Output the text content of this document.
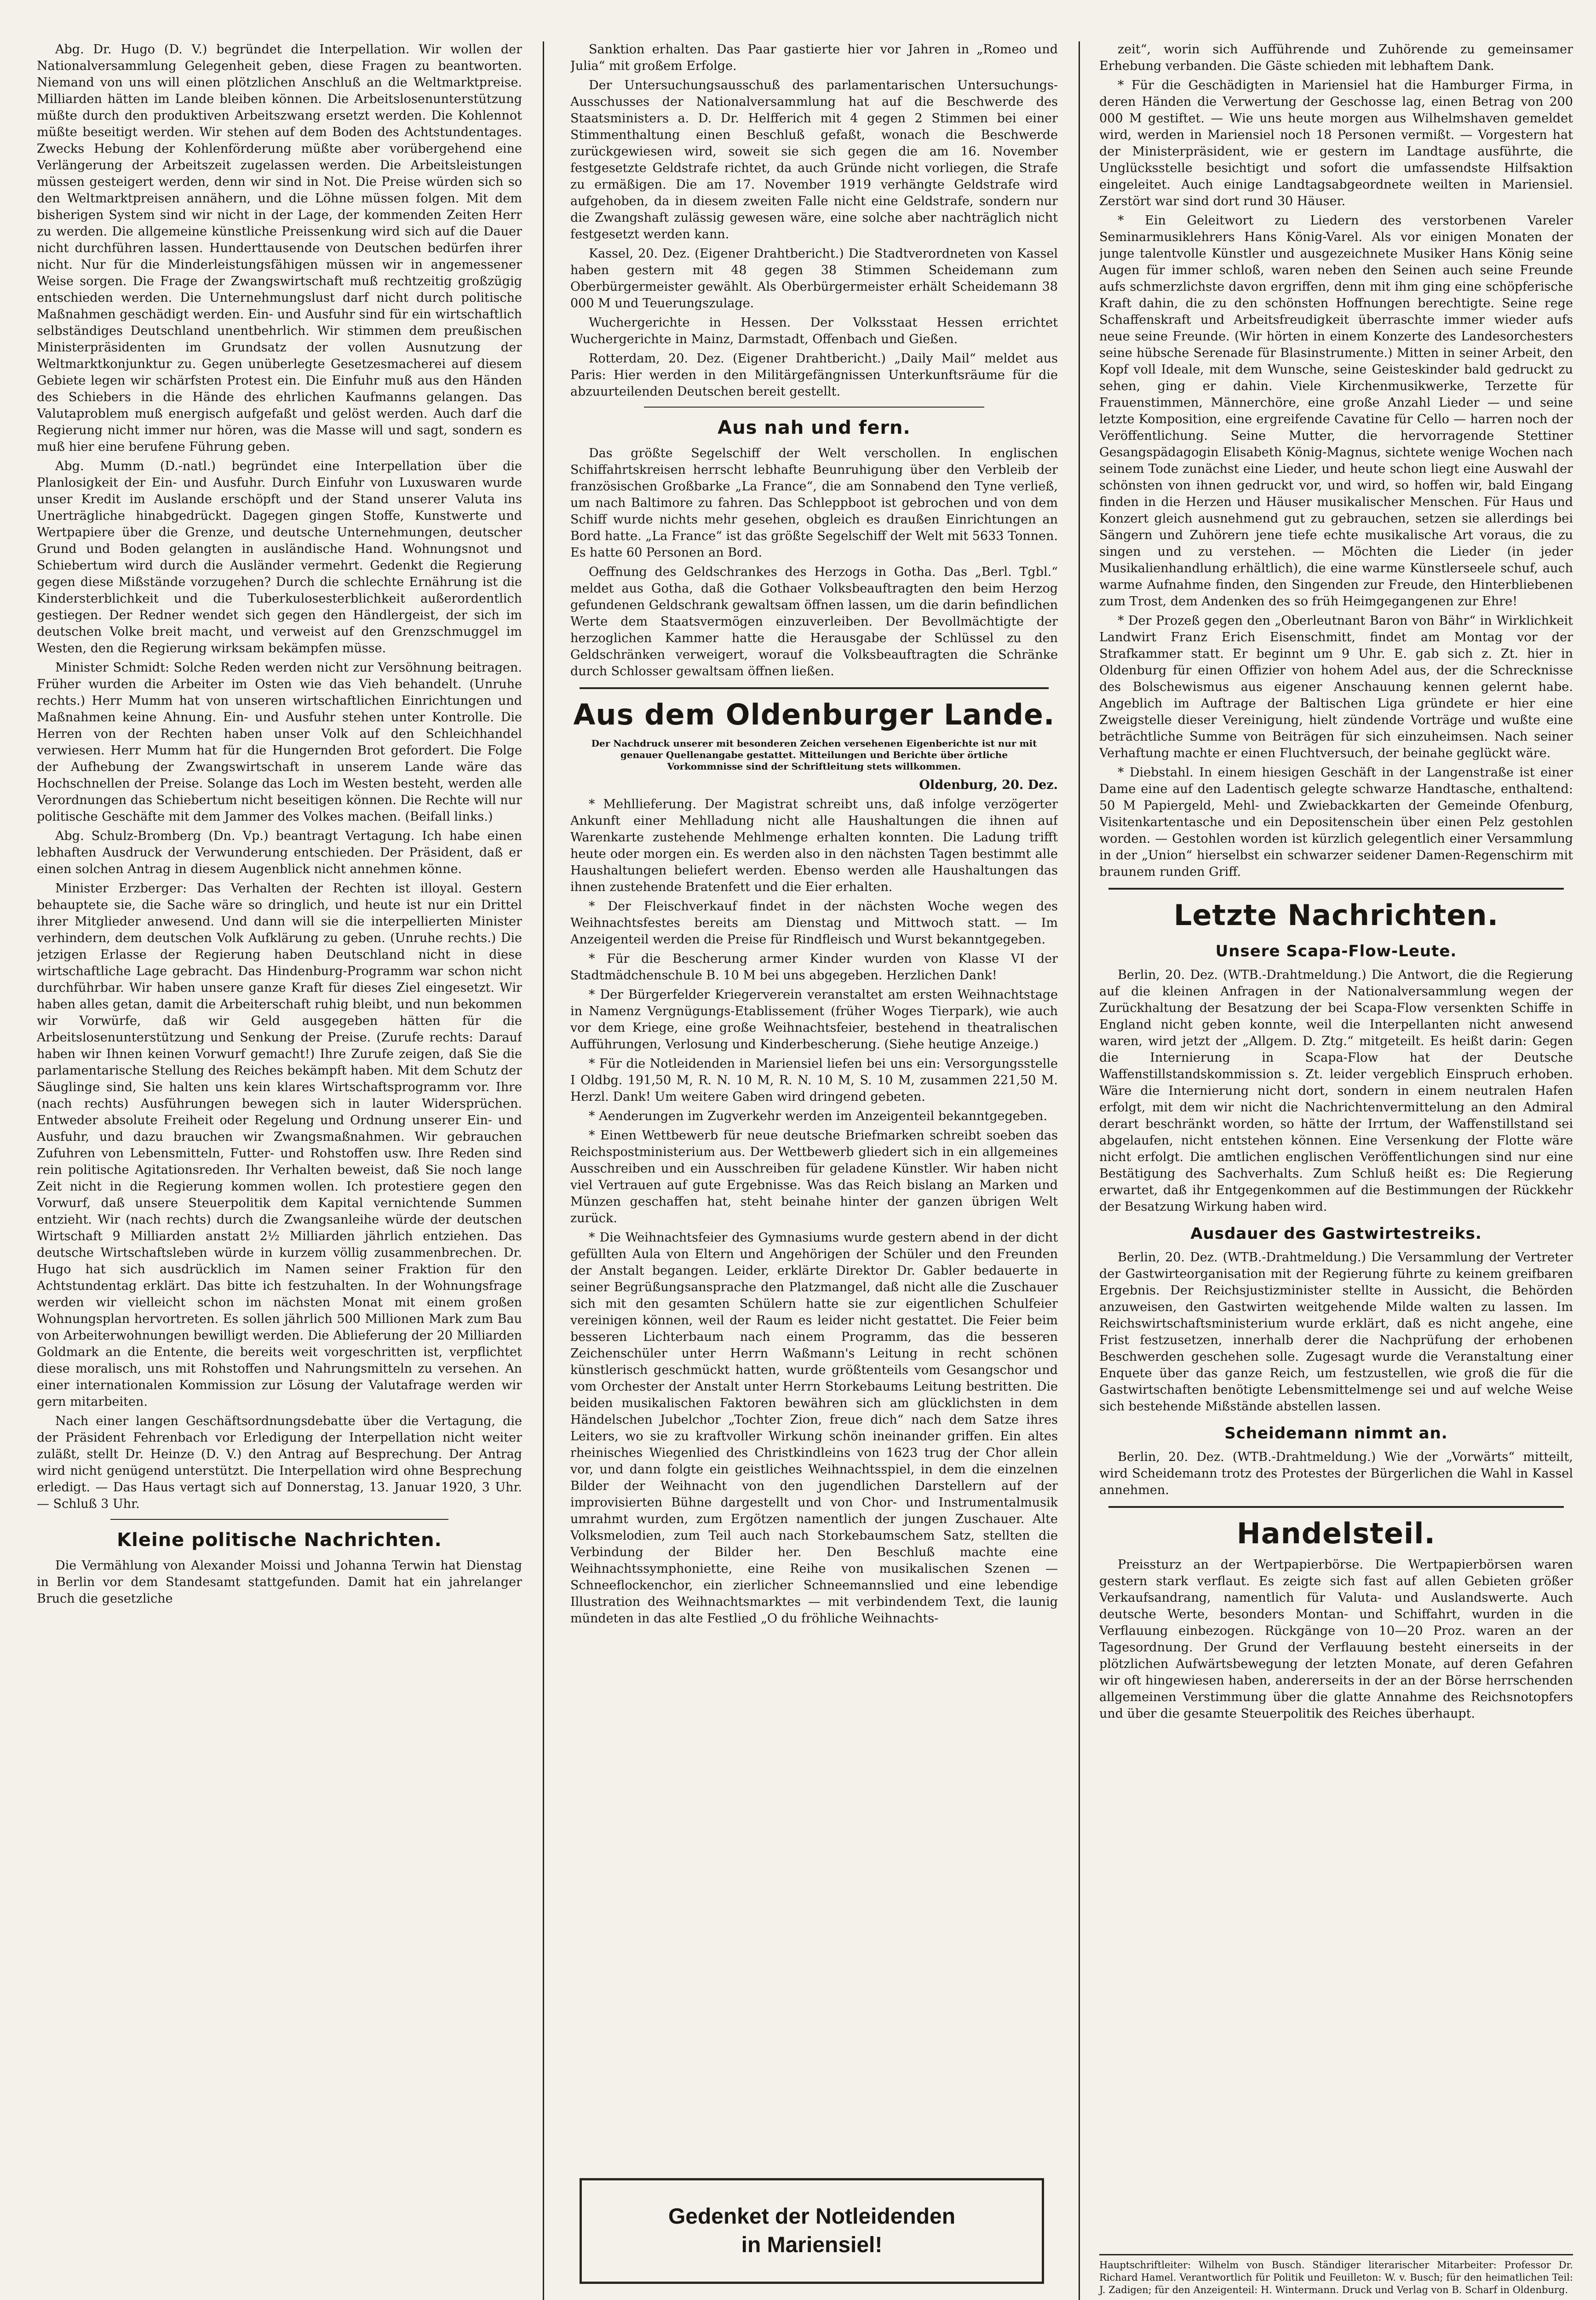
Abg. Dr. Hugo (D. V.) begründet die Interpellation. Wir wollen der Nationalversammlung Gelegenheit geben, diese Fragen zu beantworten. Niemand von uns will einen plötzlichen Anschluß an die Weltmarktpreise. Milliarden hätten im Lande bleiben können. Die Arbeitslosenunterstützung müßte durch den produktiven Arbeitszwang ersetzt werden. Die Kohlennot müßte beseitigt werden. Wir stehen auf dem Boden des Achtstundentages. Zwecks Hebung der Kohlenförderung müßte aber vorübergehend eine Verlängerung der Arbeitszeit zugelassen werden. Die Arbeitsleistungen müssen gesteigert werden, denn wir sind in Not. Die Preise würden sich so den Weltmarktpreisen annähern, und die Löhne müssen folgen. Mit dem bisherigen System sind wir nicht in der Lage, der kommenden Zeiten Herr zu werden. Die allgemeine künstliche Preissenkung wird sich auf die Dauer nicht durchführen lassen. Hunderttausende von Deutschen bedürfen ihrer nicht. Nur für die Minderleistungsfähigen müssen wir in angemessener Weise sorgen. Die Frage der Zwangswirtschaft muß rechtzeitig großzügig entschieden werden. Die Unternehmungslust darf nicht durch politische Maßnahmen geschädigt werden. Ein- und Ausfuhr sind für ein wirtschaftlich selbständiges Deutschland unentbehrlich. Wir stimmen dem preußischen Ministerpräsidenten im Grundsatz der vollen Ausnutzung der Weltmarktkonjunktur zu. Gegen unüberlegte Gesetzesmacherei auf diesem Gebiete legen wir schärfsten Protest ein. Die Einfuhr muß aus den Händen des Schiebers in die Hände des ehrlichen Kaufmanns gelangen. Das Valutaproblem muß energisch aufgefaßt und gelöst werden. Auch darf die Regierung nicht immer nur hören, was die Masse will und sagt, sondern es muß hier eine berufene Führung geben.

Abg. Mumm (D.-natl.) begründet eine Interpellation über die Planlosigkeit der Ein- und Ausfuhr. Durch Einfuhr von Luxuswaren wurde unser Kredit im Auslande erschöpft und der Stand unserer Valuta ins Unerträgliche hinabgedrückt. Dagegen gingen Stoffe, Kunstwerte und Wertpapiere über die Grenze, und deutsche Unternehmungen, deutscher Grund und Boden gelangten in ausländische Hand. Wohnungsnot und Schiebertum wird durch die Ausländer vermehrt. Gedenkt die Regierung gegen diese Mißstände vorzugehen? Durch die schlechte Ernährung ist die Kindersterblichkeit und die Tuberkulosesterblichkeit außerordentlich gestiegen. Der Redner wendet sich gegen den Händlergeist, der sich im deutschen Volke breit macht, und verweist auf den Grenzschmuggel im Westen, den die Regierung wirksam bekämpfen müsse.

Minister Schmidt: Solche Reden werden nicht zur Versöhnung beitragen. Früher wurden die Arbeiter im Osten wie das Vieh behandelt. (Unruhe rechts.) Herr Mumm hat von unseren wirtschaftlichen Einrichtungen und Maßnahmen keine Ahnung. Ein- und Ausfuhr stehen unter Kontrolle. Die Herren von der Rechten haben unser Volk auf den Schleichhandel verwiesen. Herr Mumm hat für die Hungernden Brot gefordert. Die Folge der Aufhebung der Zwangswirtschaft in unserem Lande wäre das Hochschnellen der Preise. Solange das Loch im Westen besteht, werden alle Verordnungen das Schiebertum nicht beseitigen können. Die Rechte will nur politische Geschäfte mit dem Jammer des Volkes machen. (Beifall links.)

Abg. Schulz-Bromberg (Dn. Vp.) beantragt Vertagung. Ich habe einen lebhaften Ausdruck der Verwunderung entschieden. Der Präsident, daß er einen solchen Antrag in diesem Augenblick nicht annehmen könne.

Minister Erzberger: Das Verhalten der Rechten ist illoyal. Gestern behauptete sie, die Sache wäre so dringlich, und heute ist nur ein Drittel ihrer Mitglieder anwesend. Und dann will sie die interpellierten Minister verhindern, dem deutschen Volk Aufklärung zu geben. (Unruhe rechts.) Die jetzigen Erlasse der Regierung haben Deutschland nicht in diese wirtschaftliche Lage gebracht. Das Hindenburg-Programm war schon nicht durchführbar. Wir haben unsere ganze Kraft für dieses Ziel eingesetzt. Wir haben alles getan, damit die Arbeiterschaft ruhig bleibt, und nun bekommen wir Vorwürfe, daß wir Geld ausgegeben hätten für die Arbeitslosenunterstützung und Senkung der Preise. (Zurufe rechts: Darauf haben wir Ihnen keinen Vorwurf gemacht!) Ihre Zurufe zeigen, daß Sie die parlamentarische Stellung des Reiches bekämpft haben. Mit dem Schutz der Säuglinge sind, Sie halten uns kein klares Wirtschaftsprogramm vor. Ihre (nach rechts) Ausführungen bewegen sich in lauter Widersprüchen. Entweder absolute Freiheit oder Regelung und Ordnung unserer Ein- und Ausfuhr, und dazu brauchen wir Zwangsmaßnahmen. Wir gebrauchen Zufuhren von Lebensmitteln, Futter- und Rohstoffen usw. Ihre Reden sind rein politische Agitationsreden. Ihr Verhalten beweist, daß Sie noch lange Zeit nicht in die Regierung kommen wollen. Ich protestiere gegen den Vorwurf, daß unsere Steuerpolitik dem Kapital vernichtende Summen entzieht. Wir (nach rechts) durch die Zwangsanleihe würde der deutschen Wirtschaft 9 Milliarden anstatt 2½ Milliarden jährlich entziehen. Das deutsche Wirtschaftsleben würde in kurzem völlig zusammenbrechen. Dr. Hugo hat sich ausdrücklich im Namen seiner Fraktion für den Achtstundentag erklärt. Das bitte ich festzuhalten. In der Wohnungsfrage werden wir vielleicht schon im nächsten Monat mit einem großen Wohnungsplan hervortreten. Es sollen jährlich 500 Millionen Mark zum Bau von Arbeiterwohnungen bewilligt werden. Die Ablieferung der 20 Milliarden Goldmark an die Entente, die bereits weit vorgeschritten ist, verpflichtet diese moralisch, uns mit Rohstoffen und Nahrungsmitteln zu versehen. An einer internationalen Kommission zur Lösung der Valutafrage werden wir gern mitarbeiten.

Nach einer langen Geschäftsordnungsdebatte über die Vertagung, die der Präsident Fehrenbach vor Erledigung der Interpellation nicht weiter zuläßt, stellt Dr. Heinze (D. V.) den Antrag auf Besprechung. Der Antrag wird nicht genügend unterstützt. Die Interpellation wird ohne Besprechung erledigt. — Das Haus vertagt sich auf Donnerstag, 13. Januar 1920, 3 Uhr. — Schluß 3 Uhr.

Kleine politische Nachrichten.

Die Vermählung von Alexander Moissi und Johanna Terwin hat Dienstag in Berlin vor dem Standesamt stattgefunden. Damit hat ein jahrelanger Bruch die gesetzliche

Sanktion erhalten. Das Paar gastierte hier vor Jahren in „Romeo und Julia“ mit großem Erfolge.

Der Untersuchungsausschuß des parlamentarischen Untersuchungs-Ausschusses der Nationalversammlung hat auf die Beschwerde des Staatsministers a. D. Dr. Helfferich mit 4 gegen 2 Stimmen bei einer Stimmenthaltung einen Beschluß gefaßt, wonach die Beschwerde zurückgewiesen wird, soweit sie sich gegen die am 16. November festgesetzte Geldstrafe richtet, da auch Gründe nicht vorliegen, die Strafe zu ermäßigen. Die am 17. November 1919 verhängte Geldstrafe wird aufgehoben, da in diesem zweiten Falle nicht eine Geldstrafe, sondern nur die Zwangshaft zulässig gewesen wäre, eine solche aber nachträglich nicht festgesetzt werden kann.

Kassel, 20. Dez. (Eigener Drahtbericht.) Die Stadtverordneten von Kassel haben gestern mit 48 gegen 38 Stimmen Scheidemann zum Oberbürgermeister gewählt. Als Oberbürgermeister erhält Scheidemann 38 000 M und Teuerungszulage.

Wuchergerichte in Hessen. Der Volksstaat Hessen errichtet Wuchergerichte in Mainz, Darmstadt, Offenbach und Gießen.

Rotterdam, 20. Dez. (Eigener Drahtbericht.) „Daily Mail“ meldet aus Paris: Hier werden in den Militärgefängnissen Unterkunftsräume für die abzuurteilenden Deutschen bereit gestellt.

Aus nah und fern.

Das größte Segelschiff der Welt verschollen. In englischen Schiffahrtskreisen herrscht lebhafte Beunruhigung über den Verbleib der französischen Großbarke „La France“, die am Sonnabend den Tyne verließ, um nach Baltimore zu fahren. Das Schleppboot ist gebrochen und von dem Schiff wurde nichts mehr gesehen, obgleich es draußen Einrichtungen an Bord hatte. „La France“ ist das größte Segelschiff der Welt mit 5633 Tonnen. Es hatte 60 Personen an Bord.

Oeffnung des Geldschrankes des Herzogs in Gotha. Das „Berl. Tgbl.“ meldet aus Gotha, daß die Gothaer Volksbeauftragten den beim Herzog gefundenen Geldschrank gewaltsam öffnen lassen, um die darin befindlichen Werte dem Staatsvermögen einzuverleiben. Der Bevollmächtigte der herzoglichen Kammer hatte die Herausgabe der Schlüssel zu den Geldschränken verweigert, worauf die Volksbeauftragten die Schränke durch Schlosser gewaltsam öffnen ließen.

Aus dem Oldenburger Lande.
Der Nachdruck unserer mit besonderen Zeichen versehenen Eigenberichte ist nur mit genauer Quellenangabe gestattet. Mitteilungen und Berichte über örtliche Vorkommnisse sind der Schriftleitung stets willkommen.
Oldenburg, 20. Dez.

* Mehllieferung. Der Magistrat schreibt uns, daß infolge verzögerter Ankunft einer Mehlladung nicht alle Haushaltungen die ihnen auf Warenkarte zustehende Mehlmenge erhalten konnten. Die Ladung trifft heute oder morgen ein. Es werden also in den nächsten Tagen bestimmt alle Haushaltungen beliefert werden. Ebenso werden alle Haushaltungen das ihnen zustehende Bratenfett und die Eier erhalten.

* Der Fleischverkauf findet in der nächsten Woche wegen des Weihnachtsfestes bereits am Dienstag und Mittwoch statt. — Im Anzeigenteil werden die Preise für Rindfleisch und Wurst bekanntgegeben.

* Für die Bescherung armer Kinder wurden von Klasse VI der Stadtmädchenschule B. 10 M bei uns abgegeben. Herzlichen Dank!

* Der Bürgerfelder Kriegerverein veranstaltet am ersten Weihnachtstage in Namenz Vergnügungs-Etablissement (früher Woges Tierpark), wie auch vor dem Kriege, eine große Weihnachtsfeier, bestehend in theatralischen Aufführungen, Verlosung und Kinderbescherung. (Siehe heutige Anzeige.)

* Für die Notleidenden in Mariensiel liefen bei uns ein: Versorgungsstelle I Oldbg. 191,50 M, R. N. 10 M, R. N. 10 M, S. 10 M, zusammen 221,50 M. Herzl. Dank! Um weitere Gaben wird dringend gebeten.

* Aenderungen im Zugverkehr werden im Anzeigenteil bekanntgegeben.

* Einen Wettbewerb für neue deutsche Briefmarken schreibt soeben das Reichspostministerium aus. Der Wettbewerb gliedert sich in ein allgemeines Ausschreiben und ein Ausschreiben für geladene Künstler. Wir haben nicht viel Vertrauen auf gute Ergebnisse. Was das Reich bislang an Marken und Münzen geschaffen hat, steht beinahe hinter der ganzen übrigen Welt zurück.

* Die Weihnachtsfeier des Gymnasiums wurde gestern abend in der dicht gefüllten Aula von Eltern und Angehörigen der Schüler und den Freunden der Anstalt begangen. Leider, erklärte Direktor Dr. Gabler bedauerte in seiner Begrüßungsansprache den Platzmangel, daß nicht alle die Zuschauer sich mit den gesamten Schülern hatte sie zur eigentlichen Schulfeier vereinigen können, weil der Raum es leider nicht gestattet. Die Feier beim besseren Lichterbaum nach einem Programm, das die besseren Zeichenschüler unter Herrn Waßmann's Leitung in recht schönen künstlerisch geschmückt hatten, wurde größtenteils vom Gesangschor und vom Orchester der Anstalt unter Herrn Storkebaums Leitung bestritten. Die beiden musikalischen Faktoren bewähren sich am glücklichsten in dem Händelschen Jubelchor „Tochter Zion, freue dich“ nach dem Satze ihres Leiters, wo sie zu kraftvoller Wirkung schön ineinander griffen. Ein altes rheinisches Wiegenlied des Christkindleins von 1623 trug der Chor allein vor, und dann folgte ein geistliches Weihnachtsspiel, in dem die einzelnen Bilder der Weihnacht von den jugendlichen Darstellern auf der improvisierten Bühne dargestellt und von Chor- und Instrumentalmusik umrahmt wurden, zum Ergötzen namentlich der jungen Zuschauer. Alte Volksmelodien, zum Teil auch nach Storkebaumschem Satz, stellten die Verbindung der Bilder her. Den Beschluß machte eine Weihnachtssymphoniette, eine Reihe von musikalischen Szenen — Schneeflockenchor, ein zierlicher Schneemannslied und eine lebendige Illustration des Weihnachtsmarktes — mit verbindendem Text, die launig mündeten in das alte Festlied „O du fröhliche Weihnachts-

Gedenket der Notleidenden
in Mariensiel!

zeit“, worin sich Aufführende und Zuhörende zu gemeinsamer Erhebung verbanden. Die Gäste schieden mit lebhaftem Dank.

* Für die Geschädigten in Mariensiel hat die Hamburger Firma, in deren Händen die Verwertung der Geschosse lag, einen Betrag von 200 000 M gestiftet. — Wie uns heute morgen aus Wilhelmshaven gemeldet wird, werden in Mariensiel noch 18 Personen vermißt. — Vorgestern hat der Ministerpräsident, wie er gestern im Landtage ausführte, die Unglücksstelle besichtigt und sofort die umfassendste Hilfsaktion eingeleitet. Auch einige Landtagsabgeordnete weilten in Mariensiel. Zerstört war sind dort rund 30 Häuser.

* Ein Geleitwort zu Liedern des verstorbenen Vareler Seminarmusiklehrers Hans König-Varel. Als vor einigen Monaten der junge talentvolle Künstler und ausgezeichnete Musiker Hans König seine Augen für immer schloß, waren neben den Seinen auch seine Freunde aufs schmerzlichste davon ergriffen, denn mit ihm ging eine schöpferische Kraft dahin, die zu den schönsten Hoffnungen berechtigte. Seine rege Schaffenskraft und Arbeitsfreudigkeit überraschte immer wieder aufs neue seine Freunde. (Wir hörten in einem Konzerte des Landesorchesters seine hübsche Serenade für Blasinstrumente.) Mitten in seiner Arbeit, den Kopf voll Ideale, mit dem Wunsche, seine Geisteskinder bald gedruckt zu sehen, ging er dahin. Viele Kirchenmusikwerke, Terzette für Frauenstimmen, Männerchöre, eine große Anzahl Lieder — und seine letzte Komposition, eine ergreifende Cavatine für Cello — harren noch der Veröffentlichung. Seine Mutter, die hervorragende Stettiner Gesangspädagogin Elisabeth König-Magnus, sichtete wenige Wochen nach seinem Tode zunächst eine Lieder, und heute schon liegt eine Auswahl der schönsten von ihnen gedruckt vor, und wird, so hoffen wir, bald Eingang finden in die Herzen und Häuser musikalischer Menschen. Für Haus und Konzert gleich ausnehmend gut zu gebrauchen, setzen sie allerdings bei Sängern und Zuhörern jene tiefe echte musikalische Art voraus, die zu singen und zu verstehen. — Möchten die Lieder (in jeder Musikalienhandlung erhältlich), die eine warme Künstlerseele schuf, auch warme Aufnahme finden, den Singenden zur Freude, den Hinterbliebenen zum Trost, dem Andenken des so früh Heimgegangenen zur Ehre!

* Der Prozeß gegen den „Oberleutnant Baron von Bähr“ in Wirklichkeit Landwirt Franz Erich Eisenschmitt, findet am Montag vor der Strafkammer statt. Er beginnt um 9 Uhr. E. gab sich z. Zt. hier in Oldenburg für einen Offizier von hohem Adel aus, der die Schrecknisse des Bolschewismus aus eigener Anschauung kennen gelernt habe. Angeblich im Auftrage der Baltischen Liga gründete er hier eine Zweigstelle dieser Vereinigung, hielt zündende Vorträge und wußte eine beträchtliche Summe von Beiträgen für sich einzuheimsen. Nach seiner Verhaftung machte er einen Fluchtversuch, der beinahe geglückt wäre.

* Diebstahl. In einem hiesigen Geschäft in der Langenstraße ist einer Dame eine auf den Ladentisch gelegte schwarze Handtasche, enthaltend: 50 M Papiergeld, Mehl- und Zwiebackkarten der Gemeinde Ofenburg, Visitenkartentasche und ein Depositenschein über einen Pelz gestohlen worden. — Gestohlen worden ist kürzlich gelegentlich einer Versammlung in der „Union“ hierselbst ein schwarzer seidener Damen-Regenschirm mit braunem runden Griff.

Letzte Nachrichten.
Unsere Scapa-Flow-Leute.

Berlin, 20. Dez. (WTB.-Drahtmeldung.) Die Antwort, die die Regierung auf die kleinen Anfragen in der Nationalversammlung wegen der Zurückhaltung der Besatzung der bei Scapa-Flow versenkten Schiffe in England nicht geben konnte, weil die Interpellanten nicht anwesend waren, wird jetzt der „Allgem. D. Ztg.“ mitgeteilt. Es heißt darin: Gegen die Internierung in Scapa-Flow hat der Deutsche Waffenstillstandskommission s. Zt. leider vergeblich Einspruch erhoben. Wäre die Internierung nicht dort, sondern in einem neutralen Hafen erfolgt, mit dem wir nicht die Nachrichtenvermittelung an den Admiral derart beschränkt worden, so hätte der Irrtum, der Waffenstillstand sei abgelaufen, nicht entstehen können. Eine Versenkung der Flotte wäre nicht erfolgt. Die amtlichen englischen Veröffentlichungen sind nur eine Bestätigung des Sachverhalts. Zum Schluß heißt es: Die Regierung erwartet, daß ihr Entgegenkommen auf die Bestimmungen der Rückkehr der Besatzung Wirkung haben wird.

Ausdauer des Gastwirtestreiks.

Berlin, 20. Dez. (WTB.-Drahtmeldung.) Die Versammlung der Vertreter der Gastwirteorganisation mit der Regierung führte zu keinem greifbaren Ergebnis. Der Reichsjustizminister stellte in Aussicht, die Behörden anzuweisen, den Gastwirten weitgehende Milde walten zu lassen. Im Reichswirtschaftsministerium wurde erklärt, daß es nicht angehe, eine Frist festzusetzen, innerhalb derer die Nachprüfung der erhobenen Beschwerden geschehen solle. Zugesagt wurde die Veranstaltung einer Enquete über das ganze Reich, um festzustellen, wie groß die für die Gastwirtschaften benötigte Lebensmittelmenge sei und auf welche Weise sich bestehende Mißstände abstellen lassen.

Scheidemann nimmt an.

Berlin, 20. Dez. (WTB.-Drahtmeldung.) Wie der „Vorwärts“ mitteilt, wird Scheidemann trotz des Protestes der Bürgerlichen die Wahl in Kassel annehmen.

Handelsteil.

Preissturz an der Wertpapierbörse. Die Wertpapierbörsen waren gestern stark verflaut. Es zeigte sich fast auf allen Gebieten größer Verkaufsandrang, namentlich für Valuta- und Auslandswerte. Auch deutsche Werte, besonders Montan- und Schiffahrt, wurden in die Verflauung einbezogen. Rückgänge von 10—20 Proz. waren an der Tagesordnung. Der Grund der Verflauung besteht einerseits in der plötzlichen Aufwärtsbewegung der letzten Monate, auf deren Gefahren wir oft hingewiesen haben, andererseits in der an der Börse herrschenden allgemeinen Verstimmung über die glatte Annahme des Reichsnotopfers und über die gesamte Steuerpolitik des Reiches überhaupt.

Hauptschriftleiter: Wilhelm von Busch. Ständiger literarischer Mitarbeiter: Professor Dr. Richard Hamel. Verantwortlich für Politik und Feuilleton: W. v. Busch; für den heimatlichen Teil: J. Zadigen; für den Anzeigenteil: H. Wintermann. Druck und Verlag von B. Scharf in Oldenburg.
